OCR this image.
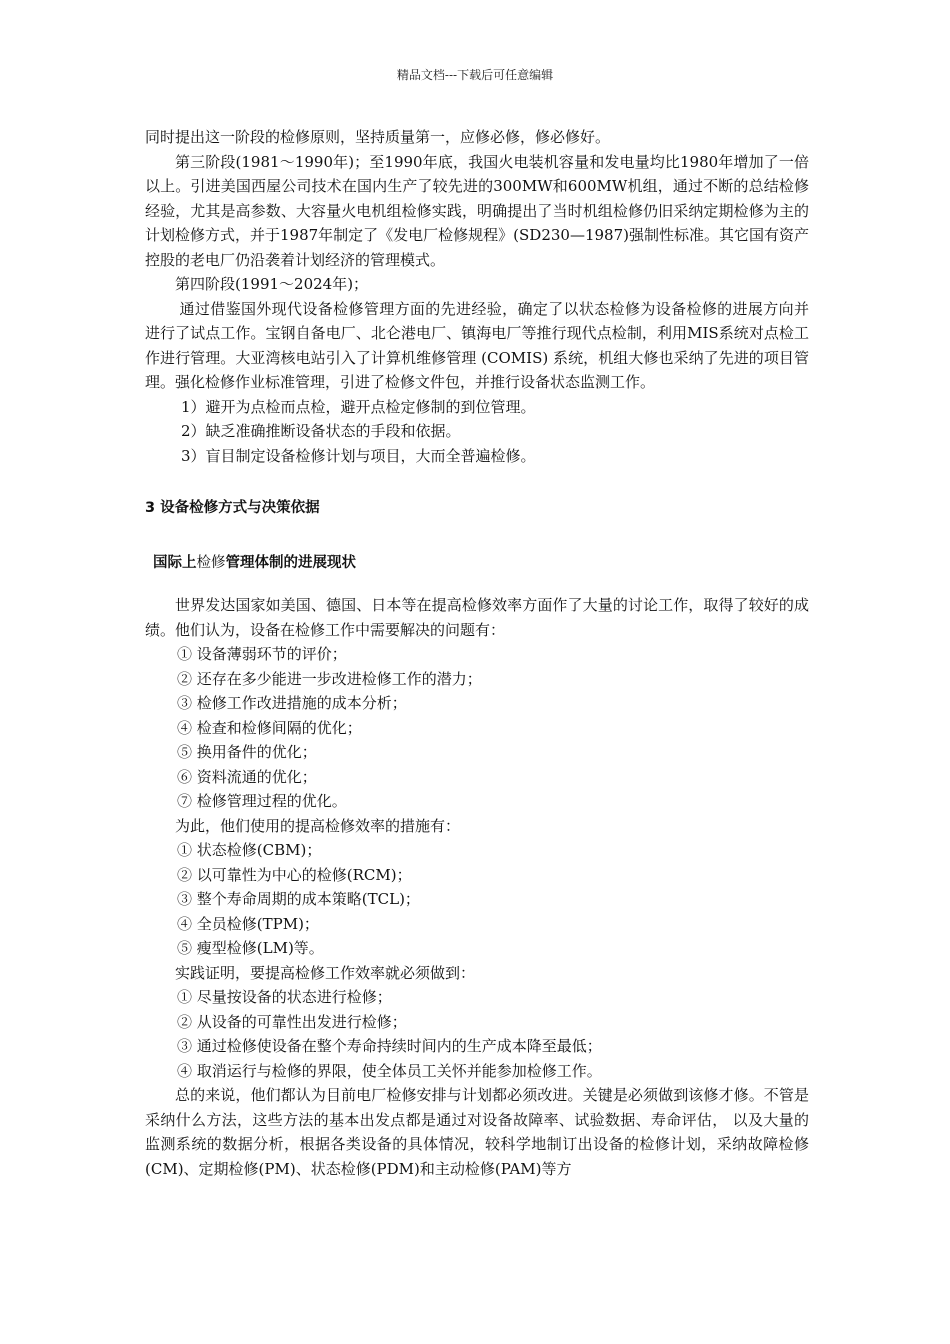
精品文档---下载后可任意编辑

同时提出这一阶段的检修原则，坚持质量第一，应修必修，修必修好。

第三阶段(1981～1990年)；至1990年底，我国火电装机容量和发电量均比1980年增加了一倍以上。引进美国西屋公司技术在国内生产了较先进的300MW和600MW机组，通过不断的总结检修经验，尤其是高参数、大容量火电机组检修实践，明确提出了当时机组检修仍旧采纳定期检修为主的计划检修方式，并于1987年制定了《发电厂检修规程》(SD230—1987)强制性标准。其它国有资产控股的老电厂仍沿袭着计划经济的管理模式。

第四阶段(1991～2024年)；

通过借鉴国外现代设备检修管理方面的先进经验，确定了以状态检修为设备检修的进展方向并进行了试点工作。宝钢自备电厂、北仑港电厂、镇海电厂等推行现代点检制，利用MIS系统对点检工作进行管理。大亚湾核电站引入了计算机维修管理 (COMIS) 系统，机组大修也采纳了先进的项目管理。强化检修作业标准管理，引进了检修文件包，并推行设备状态监测工作。

1）避开为点检而点检，避开点检定修制的到位管理。

2）缺乏准确推断设备状态的手段和依据。

3）盲目制定设备检修计划与项目，大而全普遍检修。

3 设备检修方式与决策依据

国际上检修管理体制的进展现状

世界发达国家如美国、德国、日本等在提高检修效率方面作了大量的讨论工作，取得了较好的成绩。他们认为，设备在检修工作中需要解决的问题有：

① 设备薄弱环节的评价；

② 还存在多少能进一步改进检修工作的潜力；

③ 检修工作改进措施的成本分析；

④ 检查和检修间隔的优化；

⑤ 换用备件的优化；

⑥ 资料流通的优化；

⑦ 检修管理过程的优化。

为此，他们使用的提高检修效率的措施有：

① 状态检修(CBM)；

② 以可靠性为中心的检修(RCM)；

③ 整个寿命周期的成本策略(TCL)；

④ 全员检修(TPM)；

⑤ 瘦型检修(LM)等。

实践证明，要提高检修工作效率就必须做到：

① 尽量按设备的状态进行检修；

② 从设备的可靠性出发进行检修；

③ 通过检修使设备在整个寿命持续时间内的生产成本降至最低；

④ 取消运行与检修的界限，使全体员工关怀并能参加检修工作。

总的来说，他们都认为目前电厂检修安排与计划都必须改进。关键是必须做到该修才修。不管是采纳什么方法，这些方法的基本出发点都是通过对设备故障率、试验数据、寿命评估， 以及大量的监测系统的数据分析，根据各类设备的具体情况，较科学地制订出设备的检修计划，采纳故障检修(CM)、定期检修(PM)、状态检修(PDM)和主动检修(PAM)等方
